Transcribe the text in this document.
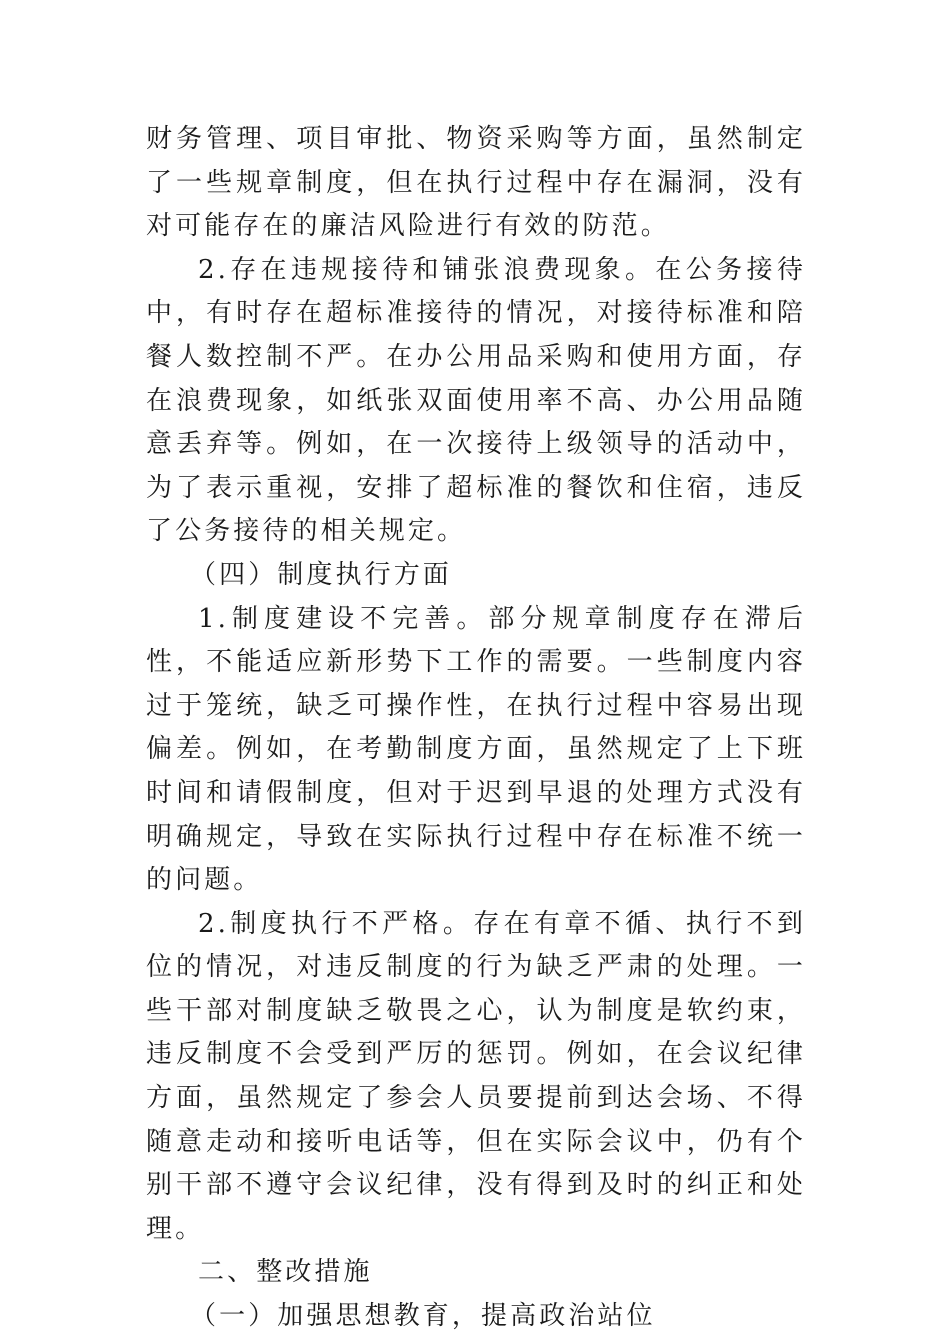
财务管理、项目审批、物资采购等方面，虽然制定了一些规章制度，但在执行过程中存在漏洞，没有对可能存在的廉洁风险进行有效的防范。

2.存在违规接待和铺张浪费现象。在公务接待中，有时存在超标准接待的情况，对接待标准和陪餐人数控制不严。在办公用品采购和使用方面，存在浪费现象，如纸张双面使用率不高、办公用品随意丢弃等。例如，在一次接待上级领导的活动中，为了表示重视，安排了超标准的餐饮和住宿，违反了公务接待的相关规定。

（四）制度执行方面

1.制度建设不完善。部分规章制度存在滞后性，不能适应新形势下工作的需要。一些制度内容过于笼统，缺乏可操作性，在执行过程中容易出现偏差。例如，在考勤制度方面，虽然规定了上下班时间和请假制度，但对于迟到早退的处理方式没有明确规定，导致在实际执行过程中存在标准不统一的问题。

2.制度执行不严格。存在有章不循、执行不到位的情况，对违反制度的行为缺乏严肃的处理。一些干部对制度缺乏敬畏之心，认为制度是软约束，违反制度不会受到严厉的惩罚。例如，在会议纪律方面，虽然规定了参会人员要提前到达会场、不得随意走动和接听电话等，但在实际会议中，仍有个别干部不遵守会议纪律，没有得到及时的纠正和处理。

二、整改措施

（一）加强思想教育，提高政治站位
